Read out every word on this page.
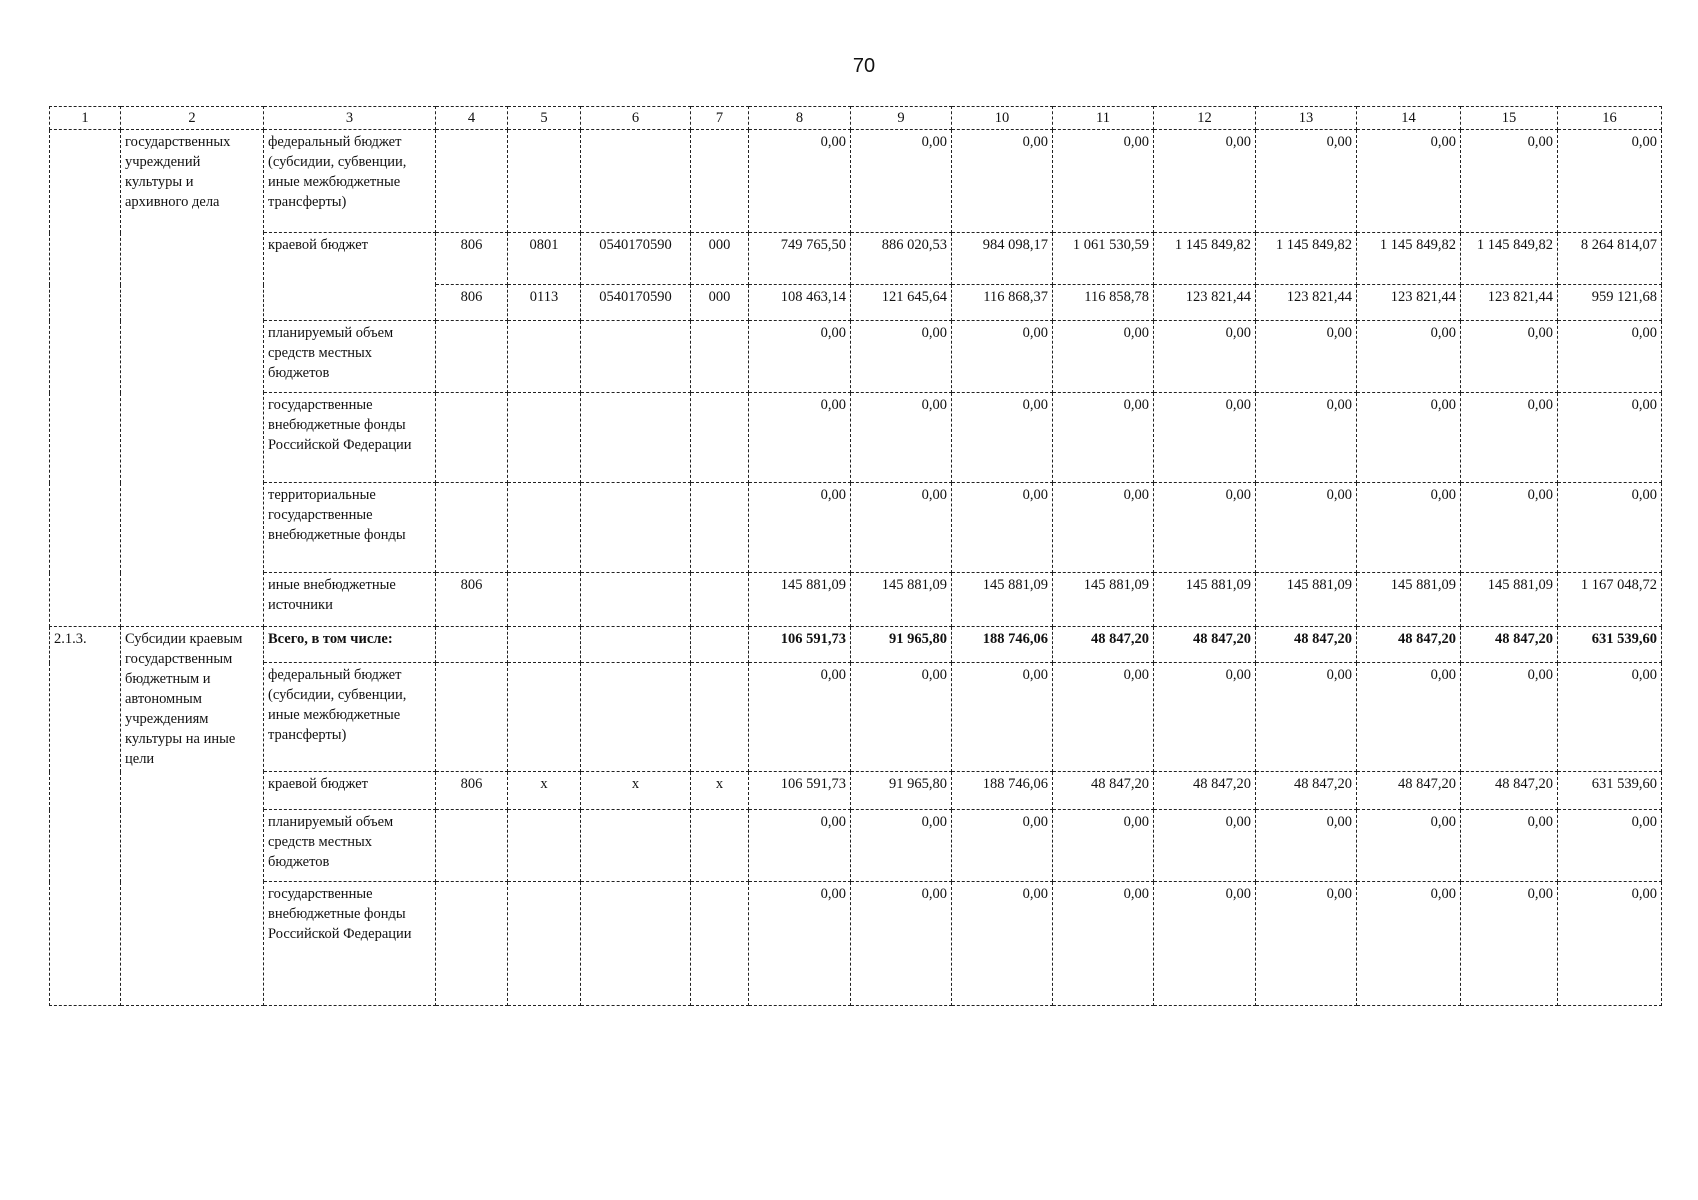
70
1	2	3	4	5	6	7	8	9	10	11	12	13	14	15	16
	государственных учреждений культуры и архивного дела	федеральный бюджет (субсидии, субвенции, иные межбюджетные трансферты)					0,00	0,00	0,00	0,00	0,00	0,00	0,00	0,00	0,00
		краевой бюджет	806	0801	0540170590	000	749 765,50	886 020,53	984 098,17	1 061 530,59	1 145 849,82	1 145 849,82	1 145 849,82	1 145 849,82	8 264 814,07
			806	0113	0540170590	000	108 463,14	121 645,64	116 868,37	116 858,78	123 821,44	123 821,44	123 821,44	123 821,44	959 121,68
		планируемый объем средств местных бюджетов					0,00	0,00	0,00	0,00	0,00	0,00	0,00	0,00	0,00
		государственные внебюджетные фонды Российской Федерации					0,00	0,00	0,00	0,00	0,00	0,00	0,00	0,00	0,00
		территориальные государственные внебюджетные фонды					0,00	0,00	0,00	0,00	0,00	0,00	0,00	0,00	0,00
		иные внебюджетные источники	806				145 881,09	145 881,09	145 881,09	145 881,09	145 881,09	145 881,09	145 881,09	145 881,09	1 167 048,72
2.1.3.	Субсидии краевым государственным бюджетным и автономным учреждениям культуры на иные цели	Всего, в том числе:					106 591,73	91 965,80	188 746,06	48 847,20	48 847,20	48 847,20	48 847,20	48 847,20	631 539,60
		федеральный бюджет (субсидии, субвенции, иные межбюджетные трансферты)					0,00	0,00	0,00	0,00	0,00	0,00	0,00	0,00	0,00
		краевой бюджет	806	х	х	х	106 591,73	91 965,80	188 746,06	48 847,20	48 847,20	48 847,20	48 847,20	48 847,20	631 539,60
		планируемый объем средств местных бюджетов					0,00	0,00	0,00	0,00	0,00	0,00	0,00	0,00	0,00
		государственные внебюджетные фонды Российской Федерации					0,00	0,00	0,00	0,00	0,00	0,00	0,00	0,00	0,00
